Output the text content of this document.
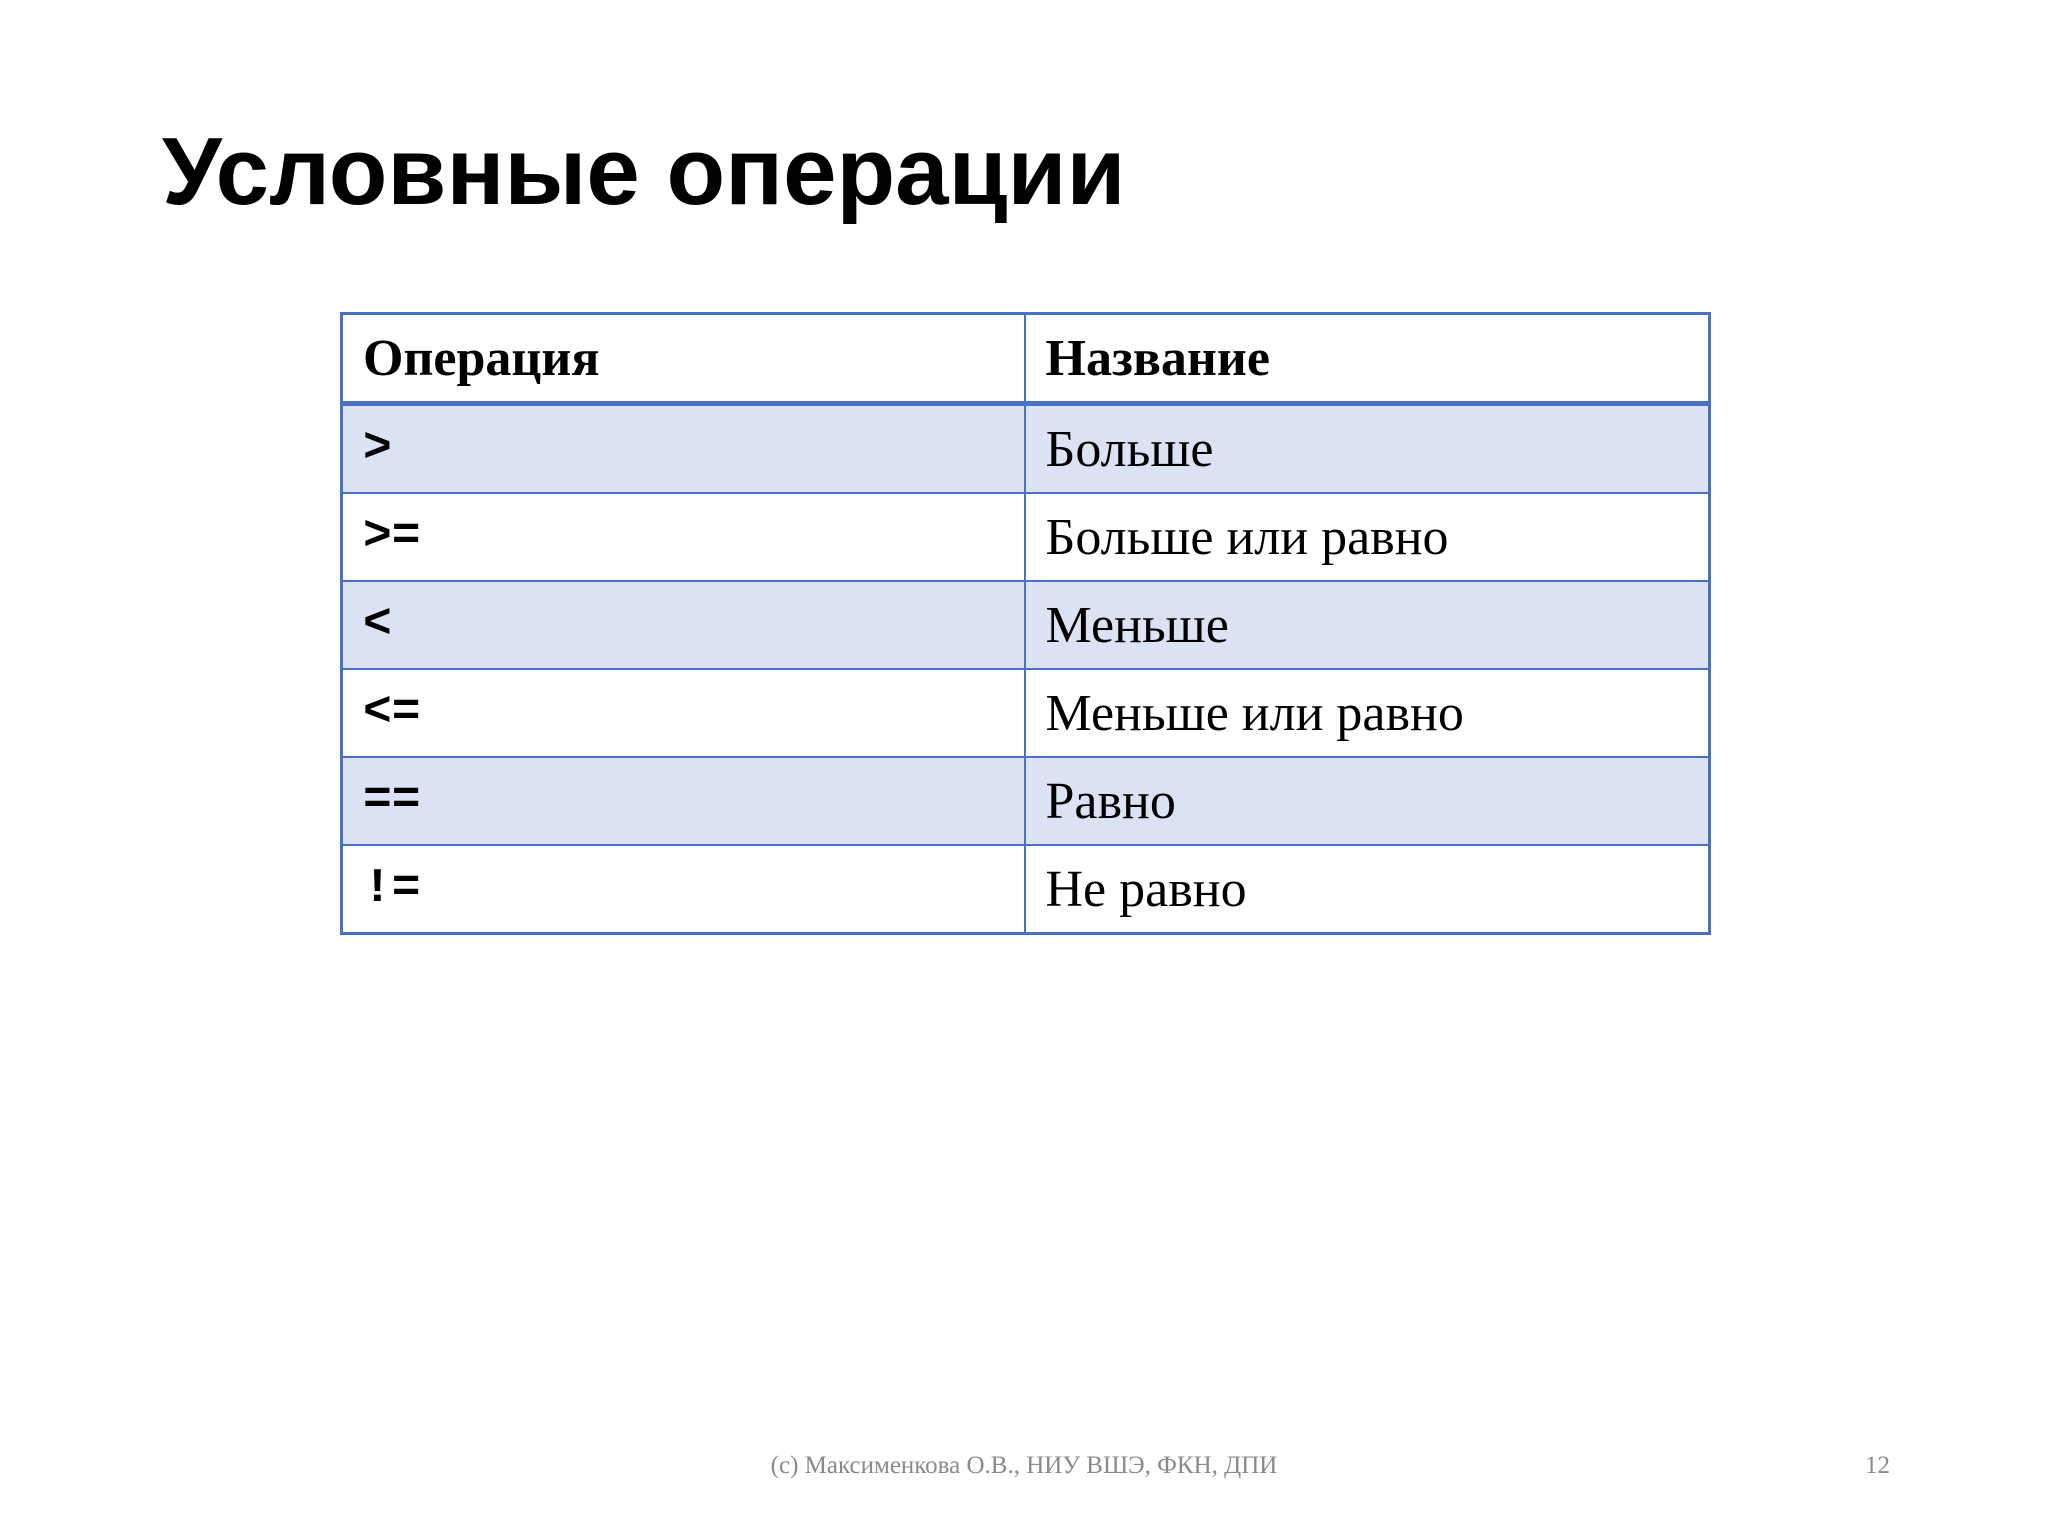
Условные операции
Операция	Название
>	Больше
>=	Больше или равно
<	Меньше
<=	Меньше или равно
==	Равно
!=	Не равно
(с) Максименкова О.В., НИУ ВШЭ, ФКН, ДПИ	12
